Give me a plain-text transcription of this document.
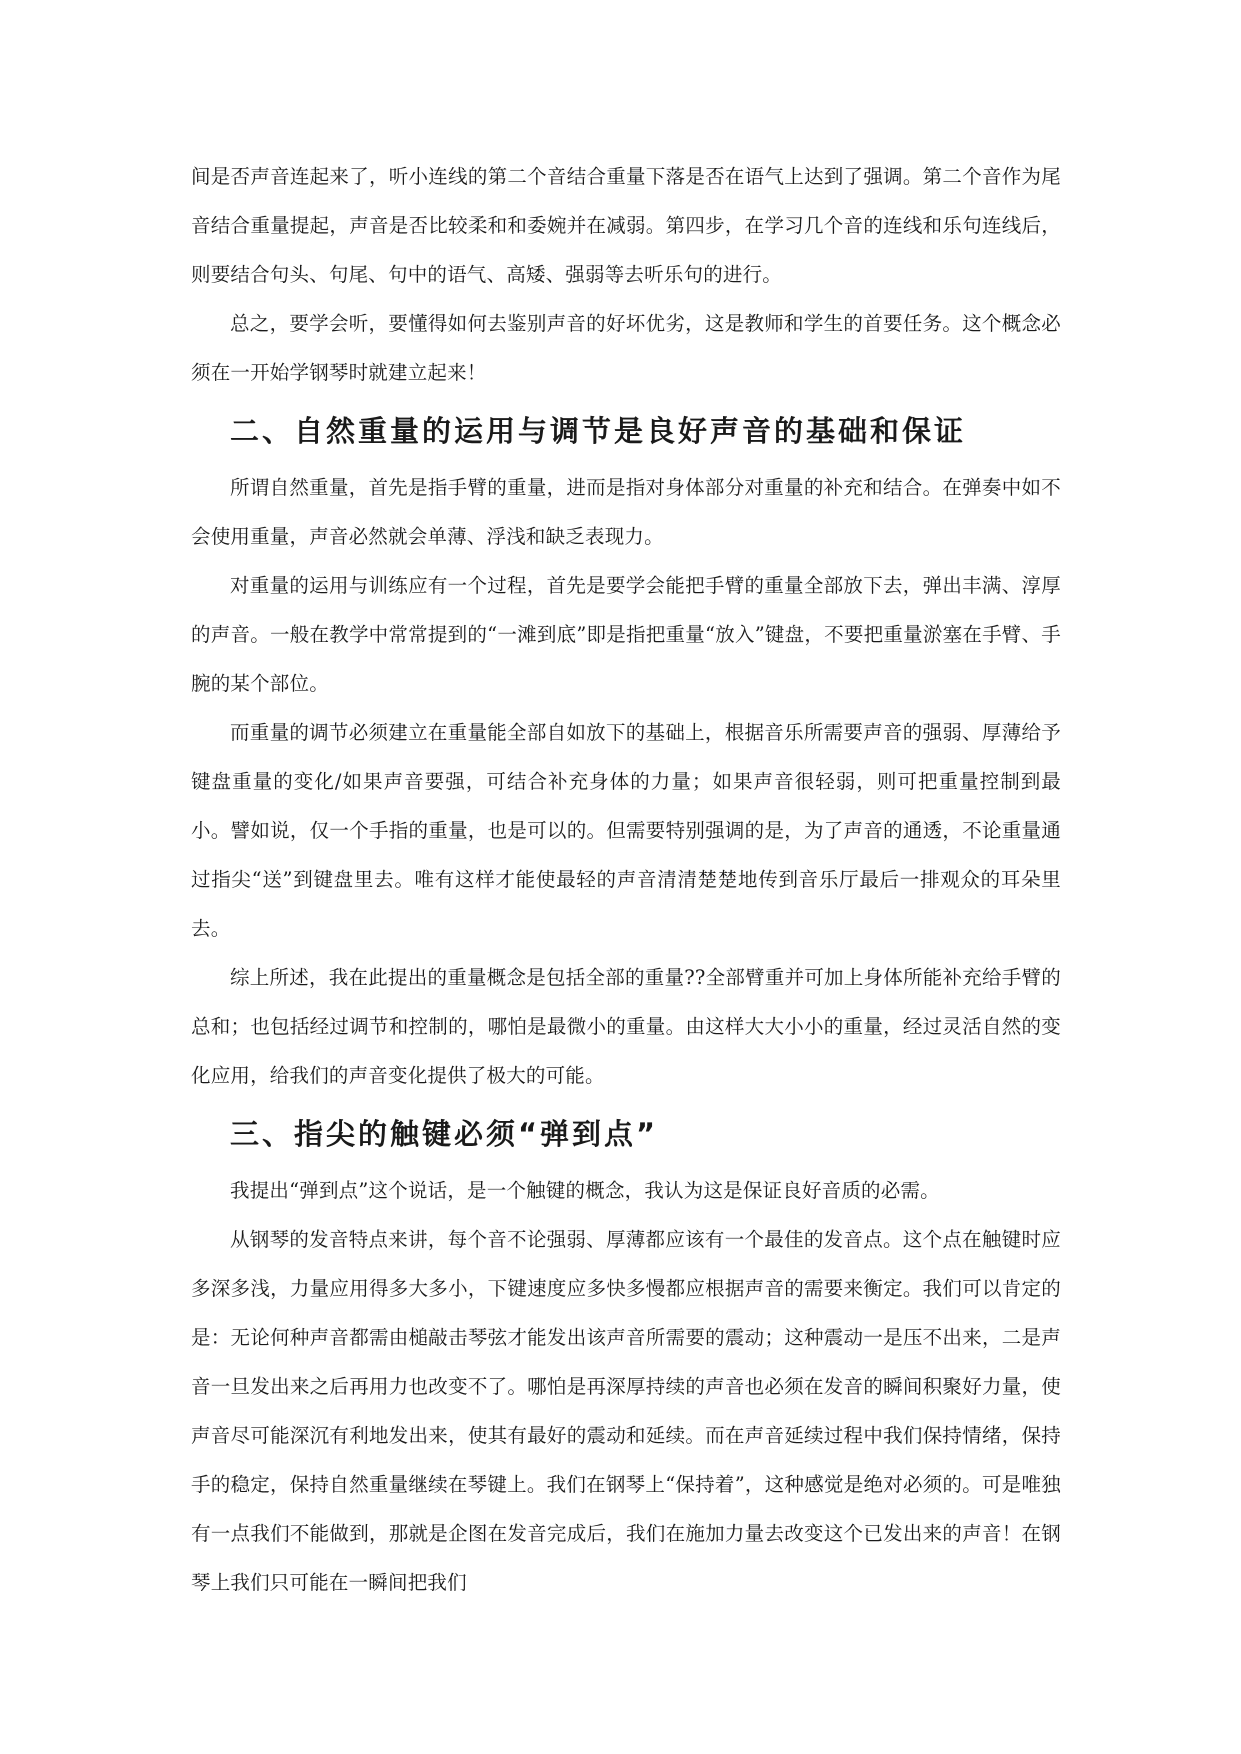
间是否声音连起来了，听小连线的第二个音结合重量下落是否在语气上达到了强调。第二个音作为尾音结合重量提起，声音是否比较柔和和委婉并在减弱。第四步，在学习几个音的连线和乐句连线后，则要结合句头、句尾、句中的语气、高矮、强弱等去听乐句的进行。

总之，要学会听，要懂得如何去鉴别声音的好坏优劣，这是教师和学生的首要任务。这个概念必须在一开始学钢琴时就建立起来！

二、自然重量的运用与调节是良好声音的基础和保证

所谓自然重量，首先是指手臂的重量，进而是指对身体部分对重量的补充和结合。在弹奏中如不会使用重量，声音必然就会单薄、浮浅和缺乏表现力。

对重量的运用与训练应有一个过程，首先是要学会能把手臂的重量全部放下去，弹出丰满、淳厚的声音。一般在教学中常常提到的“一滩到底”即是指把重量“放入”键盘，不要把重量淤塞在手臂、手腕的某个部位。

而重量的调节必须建立在重量能全部自如放下的基础上，根据音乐所需要声音的强弱、厚薄给予键盘重量的变化/如果声音要强，可结合补充身体的力量；如果声音很轻弱，则可把重量控制到最小。譬如说，仅一个手指的重量，也是可以的。但需要特别强调的是，为了声音的通透，不论重量通过指尖“送”到键盘里去。唯有这样才能使最轻的声音清清楚楚地传到音乐厅最后一排观众的耳朵里去。

综上所述，我在此提出的重量概念是包括全部的重量??全部臂重并可加上身体所能补充给手臂的总和；也包括经过调节和控制的，哪怕是最微小的重量。由这样大大小小的重量，经过灵活自然的变化应用，给我们的声音变化提供了极大的可能。

三、指尖的触键必须“弹到点”

我提出“弹到点”这个说话，是一个触键的概念，我认为这是保证良好音质的必需。

从钢琴的发音特点来讲，每个音不论强弱、厚薄都应该有一个最佳的发音点。这个点在触键时应多深多浅，力量应用得多大多小，下键速度应多快多慢都应根据声音的需要来衡定。我们可以肯定的是：无论何种声音都需由槌敲击琴弦才能发出该声音所需要的震动；这种震动一是压不出来，二是声音一旦发出来之后再用力也改变不了。哪怕是再深厚持续的声音也必须在发音的瞬间积聚好力量，使声音尽可能深沉有利地发出来，使其有最好的震动和延续。而在声音延续过程中我们保持情绪，保持手的稳定，保持自然重量继续在琴键上。我们在钢琴上“保持着”，这种感觉是绝对必须的。可是唯独有一点我们不能做到，那就是企图在发音完成后，我们在施加力量去改变这个已发出来的声音！在钢琴上我们只可能在一瞬间把我们
